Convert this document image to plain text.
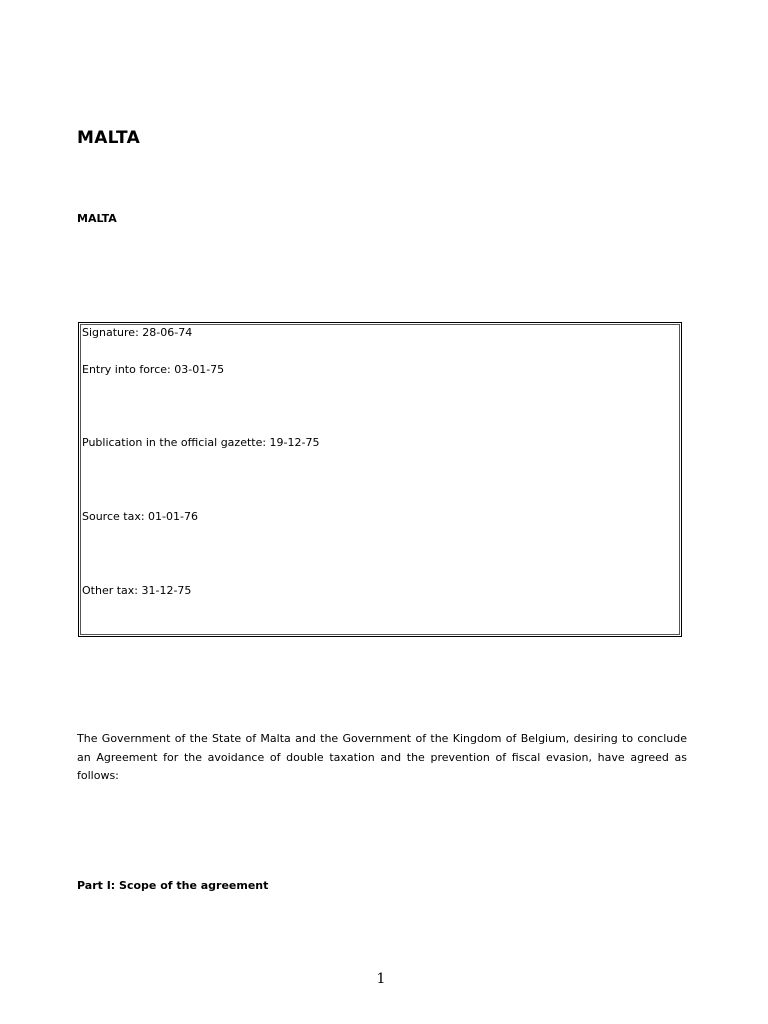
MALTA
MALTA
Signature: 28-06-74
Entry into force: 03-01-75
Publication in the official gazette: 19-12-75
Source tax: 01-01-76
Other tax: 31-12-75

The Government of the State of Malta and the Government of the Kingdom of Belgium, desiring to conclude an Agreement for the avoidance of double taxation and the prevention of fiscal evasion, have agreed as follows:

Part I: Scope of the agreement
1
